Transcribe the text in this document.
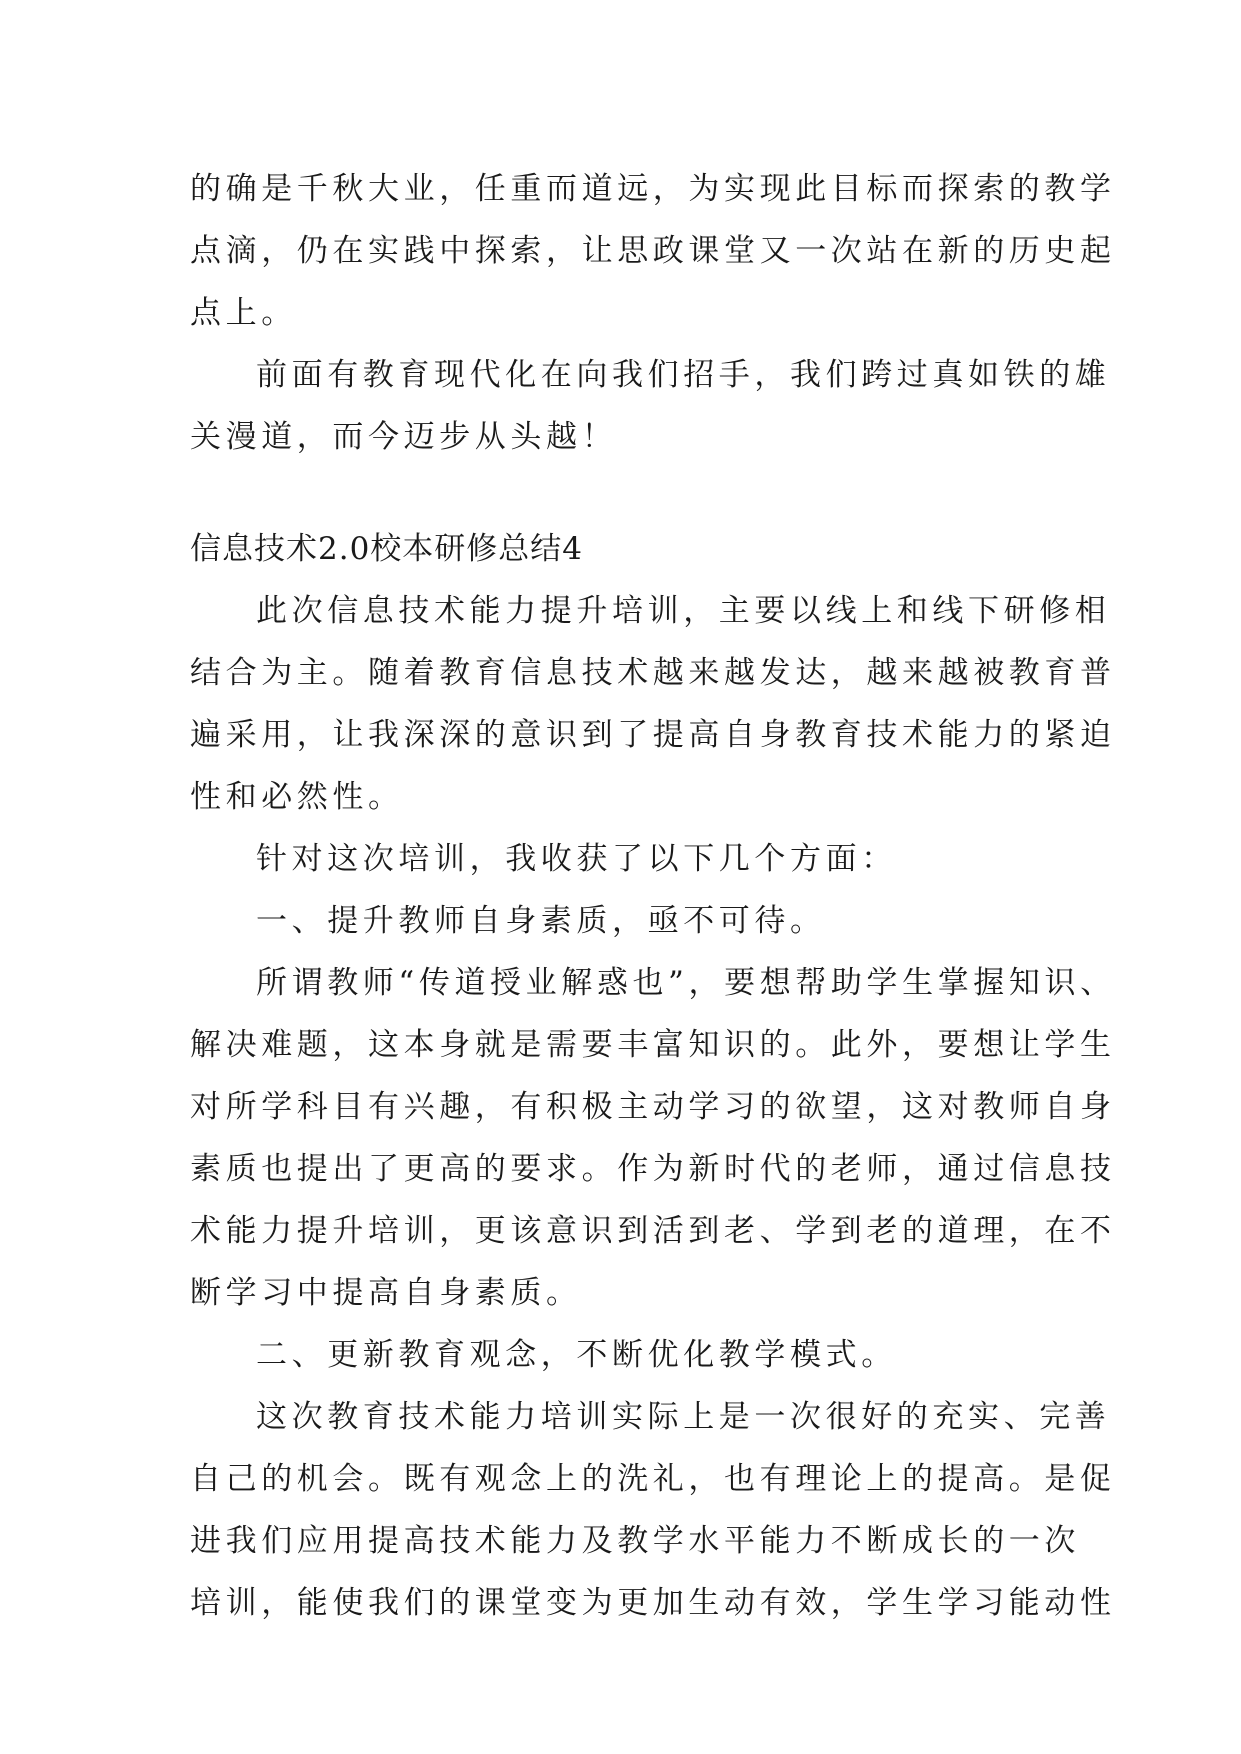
的确是千秋大业，任重而道远，为实现此目标而探索的教学
点滴，仍在实践中探索，让思政课堂又一次站在新的历史起
点上。
前面有教育现代化在向我们招手，我们跨过真如铁的雄
关漫道，而今迈步从头越！
信息技术2.0校本研修总结4
此次信息技术能力提升培训，主要以线上和线下研修相
结合为主。随着教育信息技术越来越发达，越来越被教育普
遍采用，让我深深的意识到了提高自身教育技术能力的紧迫
性和必然性。
针对这次培训，我收获了以下几个方面：
一、提升教师自身素质，亟不可待。
所谓教师“传道授业解惑也”，要想帮助学生掌握知识、
解决难题，这本身就是需要丰富知识的。此外，要想让学生
对所学科目有兴趣，有积极主动学习的欲望，这对教师自身
素质也提出了更高的要求。作为新时代的老师，通过信息技
术能力提升培训，更该意识到活到老、学到老的道理，在不
断学习中提高自身素质。
二、更新教育观念，不断优化教学模式。
这次教育技术能力培训实际上是一次很好的充实、完善
自己的机会。既有观念上的洗礼，也有理论上的提高。是促
进我们应用提高技术能力及教学水平能力不断成长的一次
培训，能使我们的课堂变为更加生动有效，学生学习能动性
